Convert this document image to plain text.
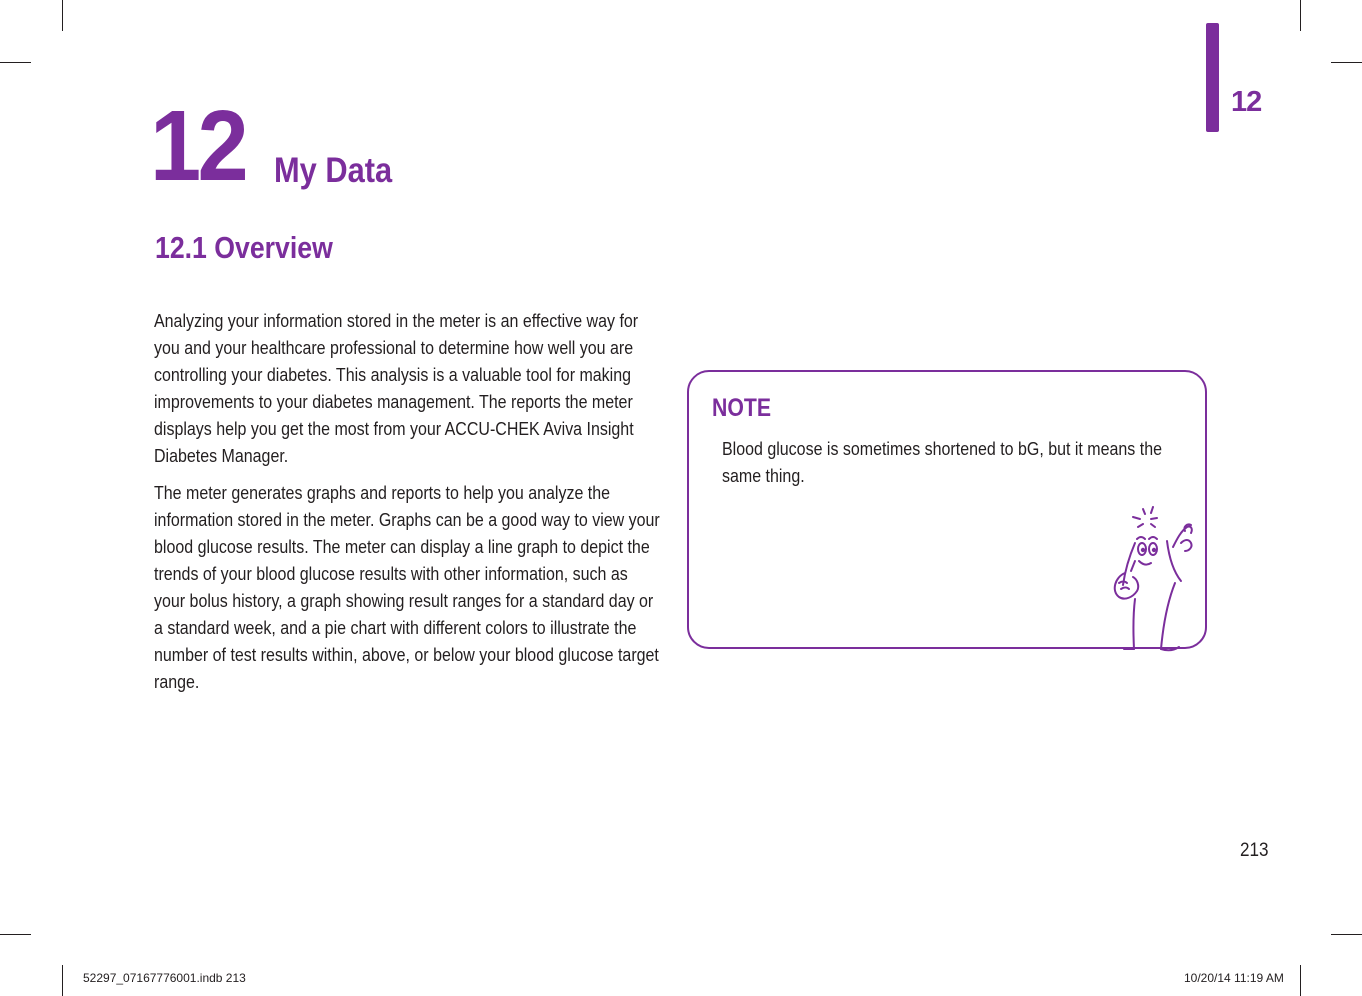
12
12 My Data
12.1 Overview

Analyzing your information stored in the meter is an effective way for you and your healthcare professional to determine how well you are controlling your diabetes. This analysis is a valuable tool for making improvements to your diabetes management. The reports the meter displays help you get the most from your ACCU-CHEK Aviva Insight Diabetes Manager.

The meter generates graphs and reports to help you analyze the information stored in the meter. Graphs can be a good way to view your blood glucose results. The meter can display a line graph to depict the trends of your blood glucose results with other information, such as your bolus history, a graph showing result ranges for a standard day or a standard week, and a pie chart with different colors to illustrate the number of test results within, above, or below your blood glucose target range.

NOTE

Blood glucose is sometimes shortened to bG, but it means the same thing.

213
52297_07167776001.indb 213	10/20/14 11:19 AM
